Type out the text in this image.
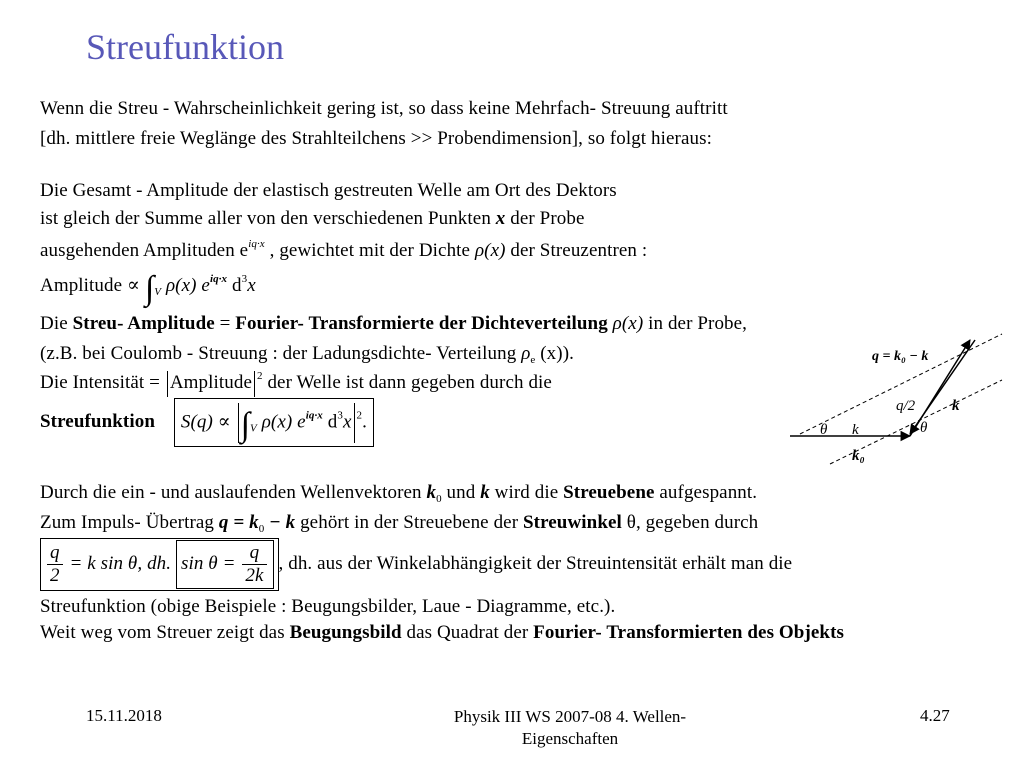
Streufunktion
Wenn die Streu - Wahrscheinlichkeit gering ist, so dass keine Mehrfach- Streuung auftritt
[dh. mittlere freie Weglänge des Strahlteilchens >> Probendimension], so folgt hieraus:
Die Gesamt - Amplitude der elastisch gestreuten Welle am Ort des Dektors
ist gleich der Summe aller von den verschiedenen Punkten x der Probe
ausgehenden Amplituden $e^{iq\cdot x}$ , gewichtet mit der Dichte ρ(x) der Streuzentren :
Amplitude ∝ $\int_V$ ρ(x) $e^{iq\cdot x}$ $d^3x$
Die Streu- Amplitude = Fourier- Transformierte der Dichteverteilung ρ(x) in der Probe,
(z.B. bei Coulomb - Streuung : der Ladungsdichte- Verteilung $\rho_e$ (x)).
Die Intensität = Amplitude $^2$ der Welle ist dann gegeben durch die
Streufunktion $S(q) \propto \int_V$ ρ(x) $e^{iq\cdot x}$ $d^3x$ $^2$.
Durch die ein - und auslaufenden Wellenvektoren $k_0$ und k wird die Streuebene aufgespannt.
Zum Impuls- Übertrag $q = k_0 - k$ gehört in der Streuebene der Streuwinkel θ, gegeben durch
$\frac{q}{2} = k$ sin θ, dh. $\sin \theta = \frac{q}{2k}$ , dh. aus der Winkelabhängigkeit der Streuintensität erhält man die
Streufunktion (obige Beispiele : Beugungsbilder, Laue - Diagramme, etc.).
Weit weg vom Streuer zeigt das Beugungsbild das Quadrat der Fourier- Transformierten des Objekts
q = k₀ − k
q/2 k
θ k	θ
k₀
15.11.2018	Physik III WS 2007-08 4. Wellen-
Eigenschaften
4.27
